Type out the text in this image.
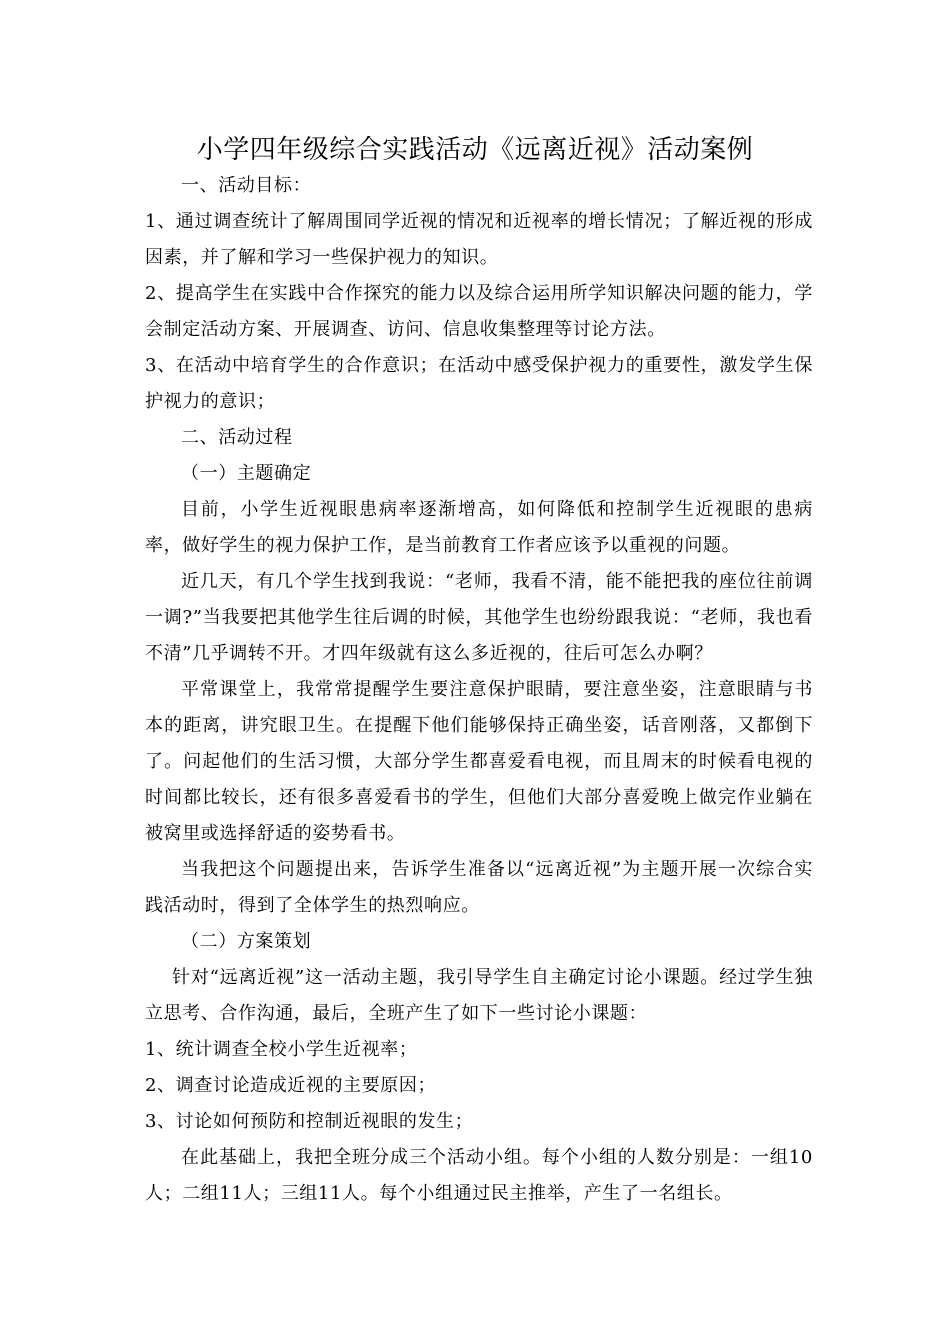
小学四年级综合实践活动《远离近视》活动案例

一、活动目标：

1、通过调查统计了解周围同学近视的情况和近视率的增长情况；了解近视的形成因素，并了解和学习一些保护视力的知识。

2、提高学生在实践中合作探究的能力以及综合运用所学知识解决问题的能力，学会制定活动方案、开展调查、访问、信息收集整理等讨论方法。

3、在活动中培育学生的合作意识；在活动中感受保护视力的重要性，激发学生保护视力的意识；

二、活动过程

（一）主题确定

目前，小学生近视眼患病率逐渐增高，如何降低和控制学生近视眼的患病率，做好学生的视力保护工作，是当前教育工作者应该予以重视的问题。

近几天，有几个学生找到我说：“老师，我看不清，能不能把我的座位往前调一调?”当我要把其他学生往后调的时候，其他学生也纷纷跟我说：“老师，我也看不清”几乎调转不开。才四年级就有这么多近视的，往后可怎么办啊？

平常课堂上，我常常提醒学生要注意保护眼睛，要注意坐姿，注意眼睛与书本的距离，讲究眼卫生。在提醒下他们能够保持正确坐姿，话音刚落，又都倒下了。问起他们的生活习惯，大部分学生都喜爱看电视，而且周末的时候看电视的时间都比较长，还有很多喜爱看书的学生，但他们大部分喜爱晚上做完作业躺在被窝里或选择舒适的姿势看书。

当我把这个问题提出来，告诉学生准备以“远离近视”为主题开展一次综合实践活动时，得到了全体学生的热烈响应。

（二）方案策划

针对“远离近视”这一活动主题，我引导学生自主确定讨论小课题。经过学生独立思考、合作沟通，最后，全班产生了如下一些讨论小课题：

1、统计调查全校小学生近视率；

2、调查讨论造成近视的主要原因；

3、讨论如何预防和控制近视眼的发生；

在此基础上，我把全班分成三个活动小组。每个小组的人数分别是：一组10人；二组11人；三组11人。每个小组通过民主推举，产生了一名组长。
